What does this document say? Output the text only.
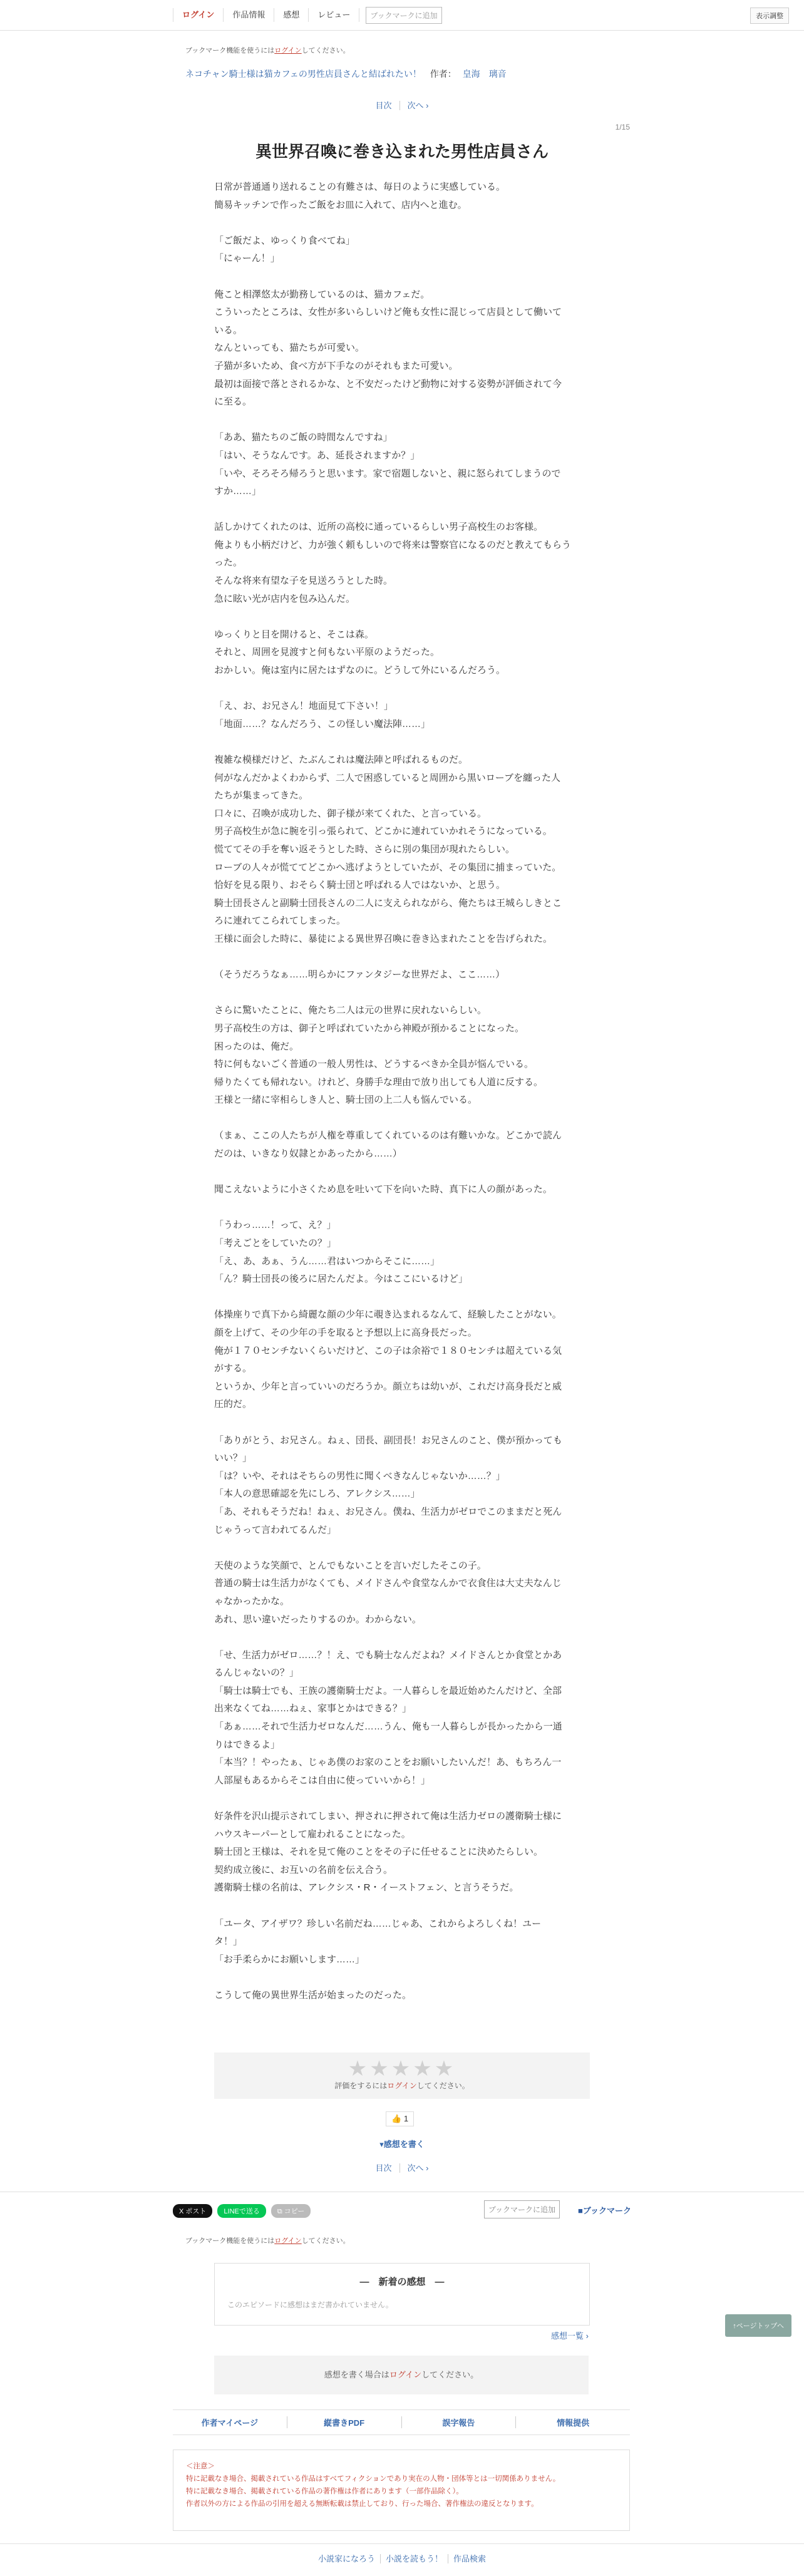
ログイン	作品情報	感想	レビュー	ブックマークに追加	表示調整
ブックマーク機能を使うにはログインしてください。
ネコチャン騎士様は猫カフェの男性店員さんと結ばれたい！ 作者： 皇海　璃音
目次 次へ ›
1/15
異世界召喚に巻き込まれた男性店員さん

日常が普通通り送れることの有難さは、毎日のように実感している。

簡易キッチンで作ったご飯をお皿に入れて、店内へと進む。

「ご飯だよ、ゆっくり食べてね」

「にゃーん！」

俺こと相澤悠太が勤務しているのは、猫カフェだ。

こういったところは、女性が多いらしいけど俺も女性に混じって店員として働いて

いる。

なんといっても、猫たちが可愛い。

子猫が多いため、食べ方が下手なのがそれもまた可愛い。

最初は面接で落とされるかな、と不安だったけど動物に対する姿勢が評価されて今

に至る。

「ああ、猫たちのご飯の時間なんですね」

「はい、そうなんです。あ、延長されますか？」

「いや、そろそろ帰ろうと思います。家で宿題しないと、親に怒られてしまうので

すか……」

話しかけてくれたのは、近所の高校に通っているらしい男子高校生のお客様。

俺よりも小柄だけど、力が強く頼もしいので将来は警察官になるのだと教えてもらう

った。

そんな将来有望な子を見送ろうとした時。

急に眩い光が店内を包み込んだ。

ゆっくりと目を開けると、そこは森。

それと、周囲を見渡すと何もない平原のようだった。

おかしい。俺は室内に居たはずなのに。どうして外にいるんだろう。

「え、お、お兄さん！地面見て下さい！」

「地面……？なんだろう、この怪しい魔法陣……」

複雑な模様だけど、たぶんこれは魔法陣と呼ばれるものだ。

何がなんだかよくわからず、二人で困惑していると周囲から黒いローブを纏った人

たちが集まってきた。

口々に、召喚が成功した、御子様が来てくれた、と言っている。

男子高校生が急に腕を引っ張られて、どこかに連れていかれそうになっている。

慌ててその手を奪い返そうとした時、さらに別の集団が現れたらしい。

ローブの人々が慌ててどこかへ逃げようとしていたが、その集団に捕まっていた。

恰好を見る限り、おそらく騎士団と呼ばれる人ではないか、と思う。

騎士団長さんと副騎士団長さんの二人に支えられながら、俺たちは王城らしきとこ

ろに連れてこられてしまった。

王様に面会した時に、暴徒による異世界召喚に巻き込まれたことを告げられた。

（そうだろうなぁ……明らかにファンタジーな世界だよ、ここ……）

さらに驚いたことに、俺たち二人は元の世界に戻れないらしい。

男子高校生の方は、御子と呼ばれていたから神殿が預かることになった。

困ったのは、俺だ。

特に何もないごく普通の一般人男性は、どうするべきか全員が悩んでいる。

帰りたくても帰れない。けれど、身勝手な理由で放り出しても人道に反する。

王様と一緒に宰相らしき人と、騎士団の上二人も悩んでいる。

（まぁ、ここの人たちが人権を尊重してくれているのは有難いかな。どこかで読ん

だのは、いきなり奴隷とかあったから……）

聞こえないように小さくため息を吐いて下を向いた時、真下に人の顔があった。

「うわっ……！って、え？」

「考えごとをしていたの？」

「え、あ、あぁ、うん……君はいつからそこに……」

「ん？騎士団長の後ろに居たんだよ。今はここにいるけど」

体操座りで真下から綺麗な顔の少年に覗き込まれるなんて、経験したことがない。

顔を上げて、その少年の手を取ると予想以上に高身長だった。

俺が１７０センチないくらいだけど、この子は余裕で１８０センチは超えている気

がする。

というか、少年と言っていいのだろうか。顔立ちは幼いが、これだけ高身長だと威

圧的だ。

「ありがとう、お兄さん。ねぇ、団長、副団長！お兄さんのこと、僕が預かっても

いい？」

「は？いや、それはそちらの男性に聞くべきなんじゃないか……？」

「本人の意思確認を先にしろ、アレクシス……」

「あ、それもそうだね！ねぇ、お兄さん。僕ね、生活力がゼロでこのままだと死ん

じゃうって言われてるんだ」

天使のような笑顔で、とんでもないことを言いだしたそこの子。

普通の騎士は生活力がなくても、メイドさんや食堂なんかで衣食住は大丈夫なんじ

ゃなかったかな。

あれ、思い違いだったりするのか。わからない。

「せ、生活力がゼロ……？！え、でも騎士なんだよね？メイドさんとか食堂とかあ

るんじゃないの？」

「騎士は騎士でも、王族の護衛騎士だよ。一人暮らしを最近始めたんだけど、全部

出来なくてね……ねぇ、家事とかはできる？」

「あぁ……それで生活力ゼロなんだ……うん、俺も一人暮らしが長かったから一通

りはできるよ」

「本当？！やったぁ、じゃあ僕のお家のことをお願いしたいんだ！あ、もちろん一

人部屋もあるからそこは自由に使っていいから！」

好条件を沢山提示されてしまい、押されに押されて俺は生活力ゼロの護衛騎士様に

ハウスキーパーとして雇われることになった。

騎士団と王様は、それを見て俺のことをその子に任せることに決めたらしい。

契約成立後に、お互いの名前を伝え合う。

護衛騎士様の名前は、アレクシス・R・イーストフェン、と言うそうだ。

「ユータ、アイザワ？珍しい名前だね……じゃあ、これからよろしくね！ユー

タ！」

「お手柔らかにお願いします……」

こうして俺の異世界生活が始まったのだった。

★★★★★
評価をするにはログインしてください。
👍 1
▾感想を書く
目次 次へ ›
X ポスト	LINEで送る	⧉ コピー	ブックマークに追加	■ブックマーク
ブックマーク機能を使うにはログインしてください。
―　新着の感想　―
このエピソードに感想はまだ書かれていません。
感想一覧 ›
↑ページトップへ
感想を書く場合はログインしてください。
作者マイページ	縦書きPDF	誤字報告	情報提供
＜注意＞
特に記載なき場合、掲載されている作品はすべてフィクションであり実在の人物・団体等とは一切関係ありません。
特に記載なき場合、掲載されている作品の著作権は作者にあります（一部作品除く）。
作者以外の方による作品の引用を超える無断転載は禁止しており、行った場合、著作権法の違反となります。
小説家になろう 小説を読もう！ 作品検索
